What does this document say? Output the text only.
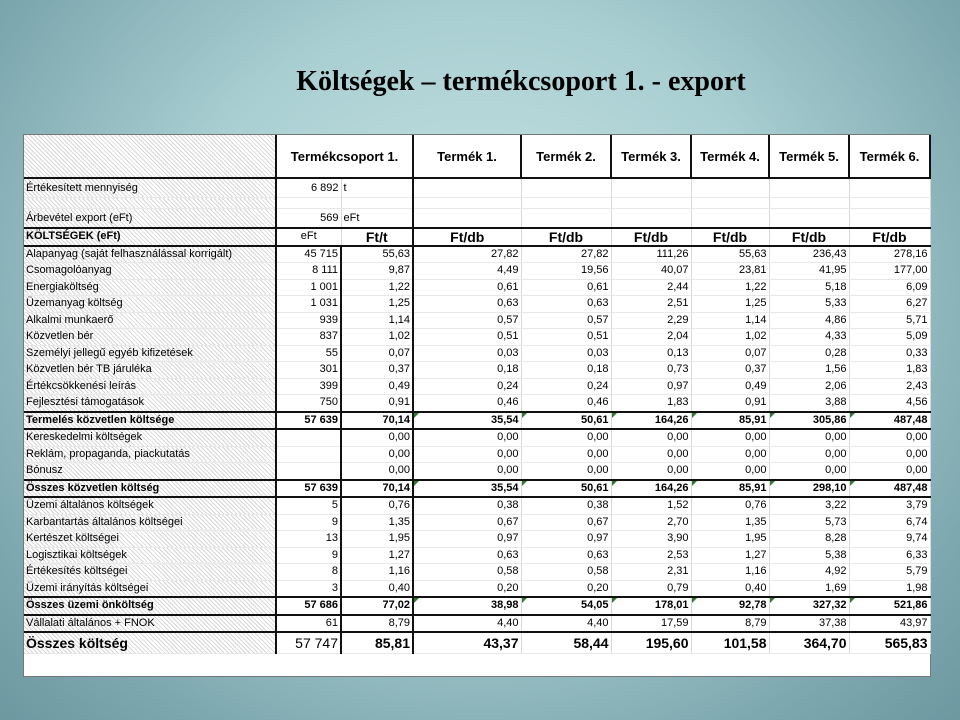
Költségek – termékcsoport 1. - export
	Termékcsoport 1.		Termék 1.	Termék 2.	Termék 3.	Termék 4.	Termék 5.	Termék 6.
Értékesített mennyiség	6 892	t						

Árbevétel export (eFt)	569	eFt						
KÖLTSÉGEK (eFt)	eFt	Ft/t	Ft/db	Ft/db	Ft/db	Ft/db	Ft/db	Ft/db
Alapanyag (saját felhasználással korrigált)	45 715	55,63	27,82	27,82	111,26	55,63	236,43	278,16
Csomagolóanyag	8 111	9,87	4,49	19,56	40,07	23,81	41,95	177,00
Energiaköltség	1 001	1,22	0,61	0,61	2,44	1,22	5,18	6,09
Üzemanyag költség	1 031	1,25	0,63	0,63	2,51	1,25	5,33	6,27
Alkalmi munkaerő	939	1,14	0,57	0,57	2,29	1,14	4,86	5,71
Közvetlen bér	837	1,02	0,51	0,51	2,04	1,02	4,33	5,09
Személyi jellegű egyéb kifizetések	55	0,07	0,03	0,03	0,13	0,07	0,28	0,33
Közvetlen bér TB járuléka	301	0,37	0,18	0,18	0,73	0,37	1,56	1,83
Értékcsökkenési leírás	399	0,49	0,24	0,24	0,97	0,49	2,06	2,43
Fejlesztési támogatások	750	0,91	0,46	0,46	1,83	0,91	3,88	4,56
Termelés közvetlen költsége	57 639	70,14	35,54	50,61	164,26	85,91	305,86	487,48
Kereskedelmi költségek		0,00	0,00	0,00	0,00	0,00	0,00	0,00
Reklám, propaganda, piackutatás		0,00	0,00	0,00	0,00	0,00	0,00	0,00
Bónusz		0,00	0,00	0,00	0,00	0,00	0,00	0,00
Összes közvetlen költség	57 639	70,14	35,54	50,61	164,26	85,91	298,10	487,48
Üzemi általános költségek	5	0,76	0,38	0,38	1,52	0,76	3,22	3,79
Karbantartás általános költségei	9	1,35	0,67	0,67	2,70	1,35	5,73	6,74
Kertészet költségei	13	1,95	0,97	0,97	3,90	1,95	8,28	9,74
Logisztikai költségek	9	1,27	0,63	0,63	2,53	1,27	5,38	6,33
Értékesítés költségei	8	1,16	0,58	0,58	2,31	1,16	4,92	5,79
Üzemi irányítás költségei	3	0,40	0,20	0,20	0,79	0,40	1,69	1,98
Összes üzemi önköltség	57 686	77,02	38,98	54,05	178,01	92,78	327,32	521,86
Vállalati általános + FNOK	61	8,79	4,40	4,40	17,59	8,79	37,38	43,97
Összes költség	57 747	85,81	43,37	58,44	195,60	101,58	364,70	565,83
